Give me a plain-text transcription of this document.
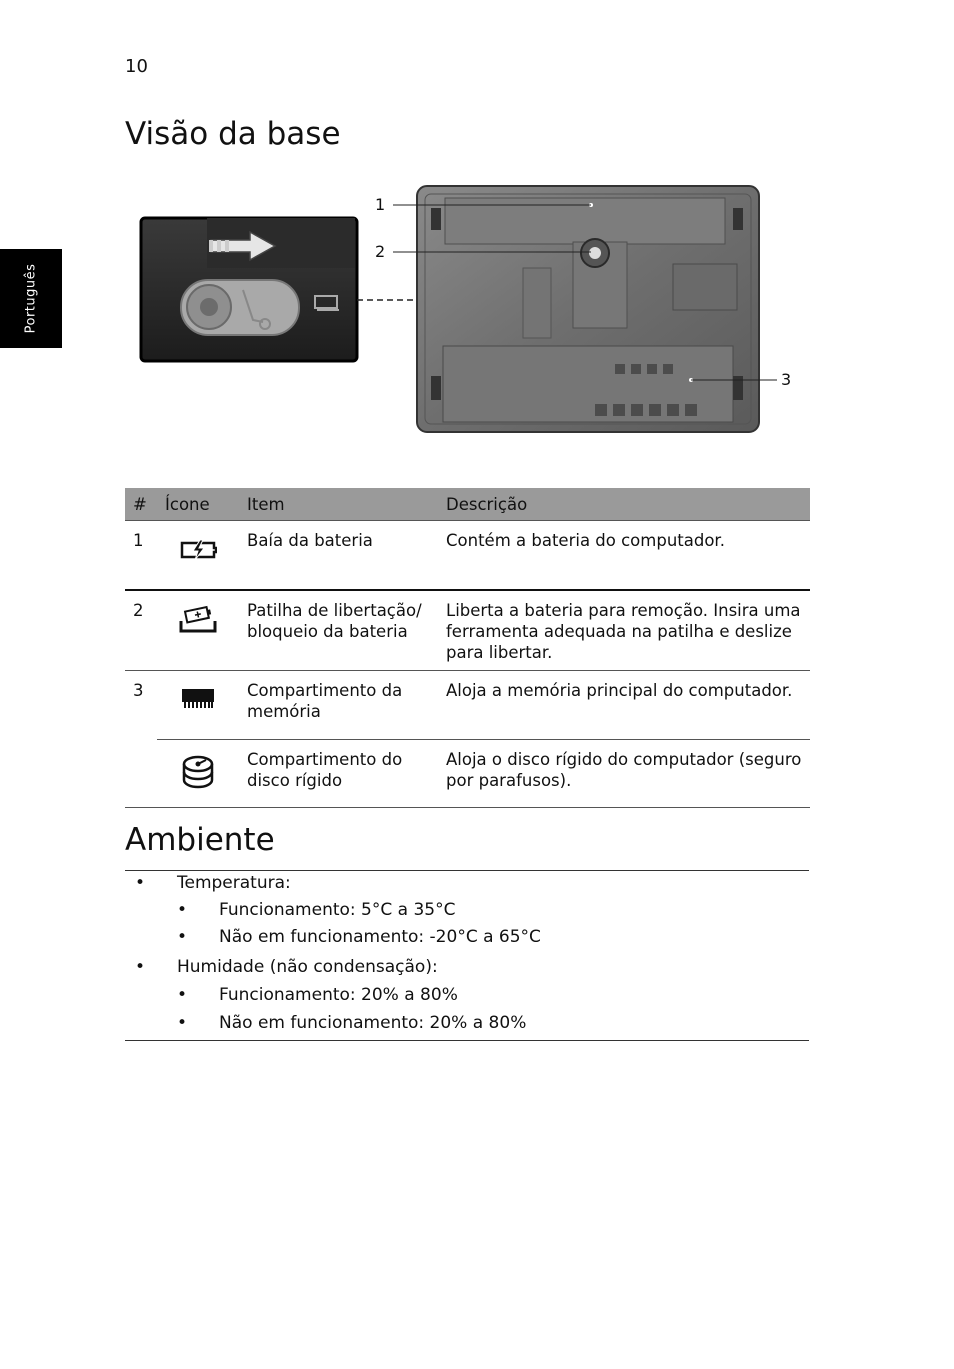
10
Português
Visão da base
1
2
3
#	Ícone	Item	Descrição
1		Baía da bateria	Contém a bateria do computador.
2		Patilha de libertação/ bloqueio da bateria	Liberta a bateria para remoção. Insira uma ferramenta adequada na patilha e deslize para libertar.
3		Compartimento da memória	Aloja a memória principal do computador.
		Compartimento do disco rígido	Aloja o disco rígido do computador (seguro por parafusos).
Ambiente
• Temperatura:
• Funcionamento: 5°C a 35°C
• Não em funcionamento: -20°C a 65°C
• Humidade (não condensação):
• Funcionamento: 20% a 80%
• Não em funcionamento: 20% a 80%
